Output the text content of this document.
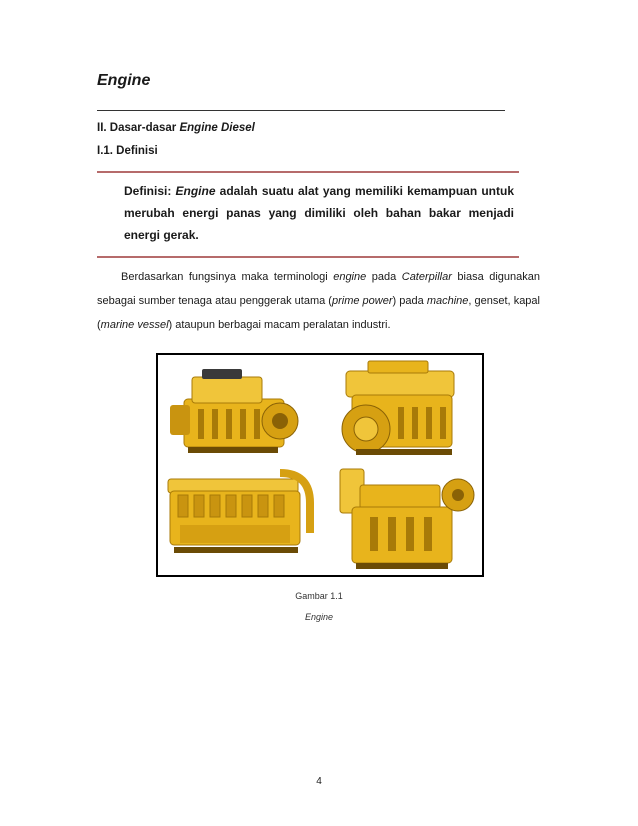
Engine
II. Dasar-dasar Engine Diesel
I.1. Definisi
Definisi: Engine adalah suatu alat yang memiliki kemampuan untuk merubah energi panas yang dimiliki oleh bahan bakar menjadi energi gerak.
Berdasarkan fungsinya maka terminologi engine pada Caterpillar biasa digunakan sebagai sumber tenaga atau penggerak utama (prime power) pada machine, genset, kapal (marine vessel) ataupun berbagai macam peralatan industri.
Gambar 1.1
Engine
4
